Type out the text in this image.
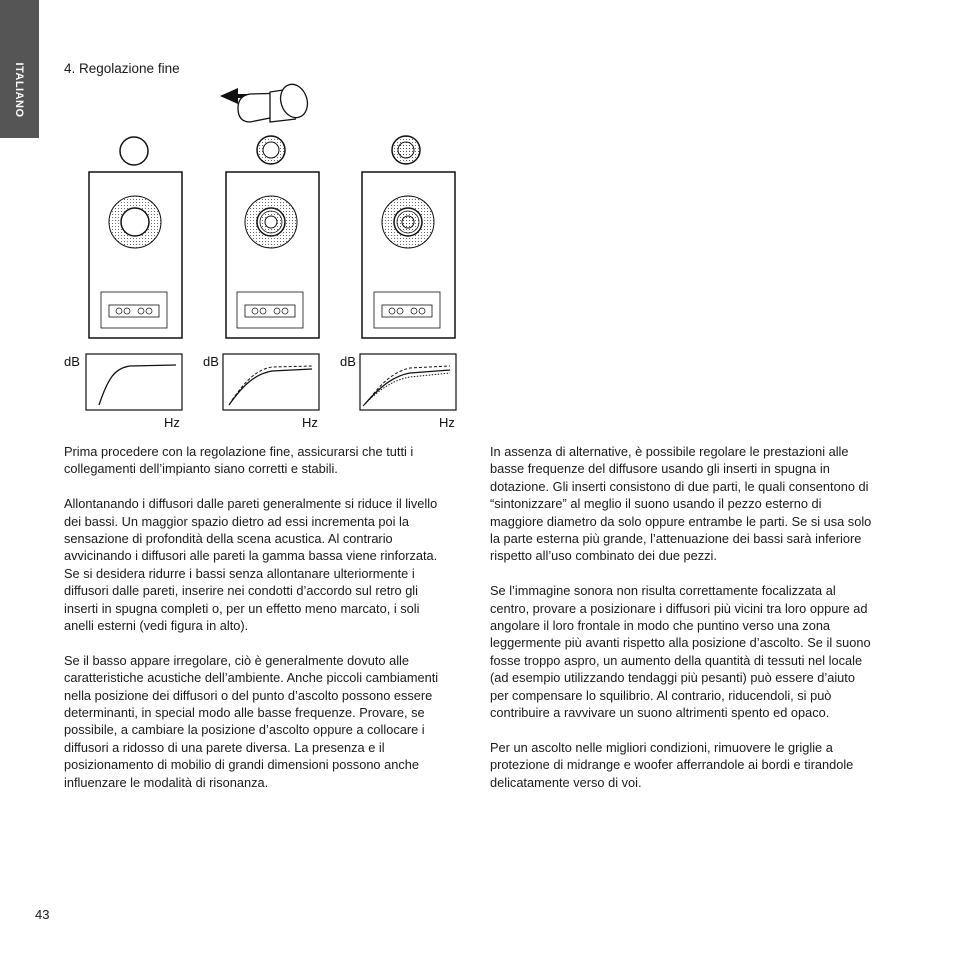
ITALIANO	4. Regolazione fine
dB
Hz
dB
Hz
dB
Hz

Prima procedere con la regolazione fine, assicurarsi che tutti i collegamenti dell’impianto siano corretti e stabili.

Allontanando i diffusori dalle pareti generalmente si riduce il livello dei bassi. Un maggior spazio dietro ad essi incrementa poi la sensazione di profondità della scena acustica. Al contrario avvicinando i diffusori alle pareti la gamma bassa viene rinforzata. Se si desidera ridurre i bassi senza allontanare ulteriormente i diffusori dalle pareti, inserire nei condotti d’accordo sul retro gli inserti in spugna completi o, per un effetto meno marcato, i soli anelli esterni (vedi figura in alto).

Se il basso appare irregolare, ciò è generalmente dovuto alle caratteristiche acustiche dell’ambiente. Anche piccoli cambiamenti nella posizione dei diffusori o del punto d’ascolto possono essere determinanti, in special modo alle basse frequenze. Provare, se possibile, a cambiare la posizione d’ascolto oppure a collocare i diffusori a ridosso di una parete diversa. La presenza e il posizionamento di mobilio di grandi dimensioni possono anche influenzare le modalità di risonanza.

In assenza di alternative, è possibile regolare le prestazioni alle basse frequenze del diffusore usando gli inserti in spugna in dotazione. Gli inserti consistono di due parti, le quali consentono di “sintonizzare” al meglio il suono usando il pezzo esterno di maggiore diametro da solo oppure entrambe le parti. Se si usa solo la parte esterna più grande, l’attenuazione dei bassi sarà inferiore rispetto all’uso combinato dei due pezzi.

Se l’immagine sonora non risulta correttamente focalizzata al centro, provare a posizionare i diffusori più vicini tra loro oppure ad angolare il loro frontale in modo che puntino verso una zona leggermente più avanti rispetto alla posizione d’ascolto. Se il suono fosse troppo aspro, un aumento della quantità di tessuti nel locale (ad esempio utilizzando tendaggi più pesanti) può essere d’aiuto per compensare lo squilibrio. Al contrario, riducendoli, si può contribuire a ravvivare un suono altrimenti spento ed opaco.

Per un ascolto nelle migliori condizioni, rimuovere le griglie a protezione di midrange e woofer afferrandole ai bordi e tirandole delicatamente verso di voi.

43
